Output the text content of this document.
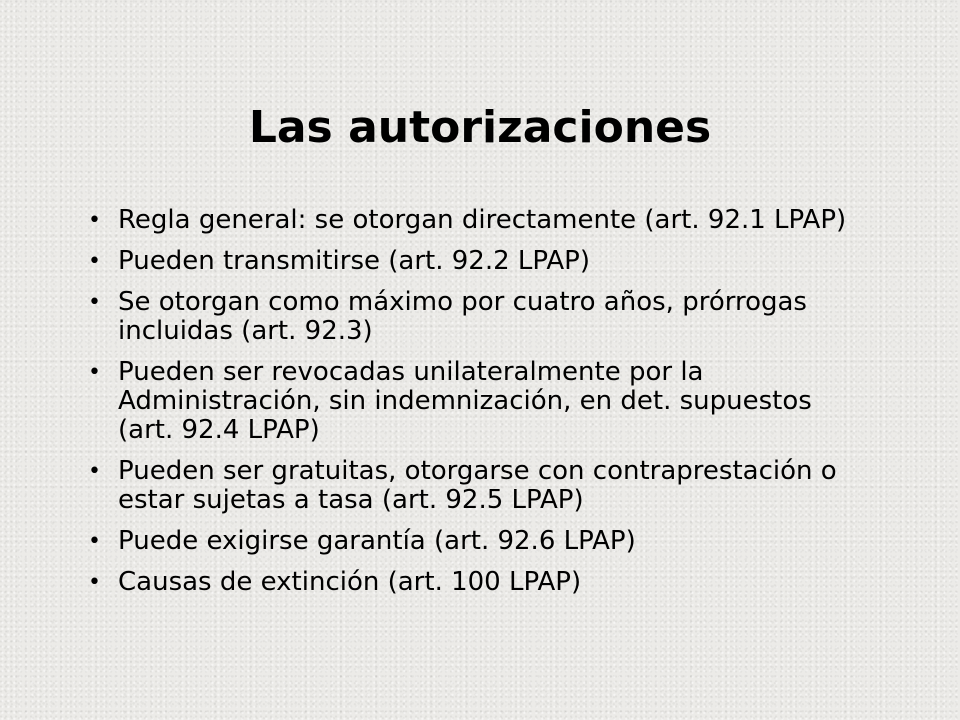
Las autorizaciones
• Regla general: se otorgan directamente (art. 92.1 LPAP)
• Pueden transmitirse (art. 92.2 LPAP)
• Se otorgan como máximo por cuatro años, prórrogas incluidas (art. 92.3)
• Pueden ser revocadas unilateralmente por la Administración, sin indemnización, en det. supuestos (art. 92.4 LPAP)
• Pueden ser gratuitas, otorgarse con contraprestación o estar sujetas a tasa (art. 92.5 LPAP)
• Puede exigirse garantía (art. 92.6 LPAP)
• Causas de extinción (art. 100 LPAP)
